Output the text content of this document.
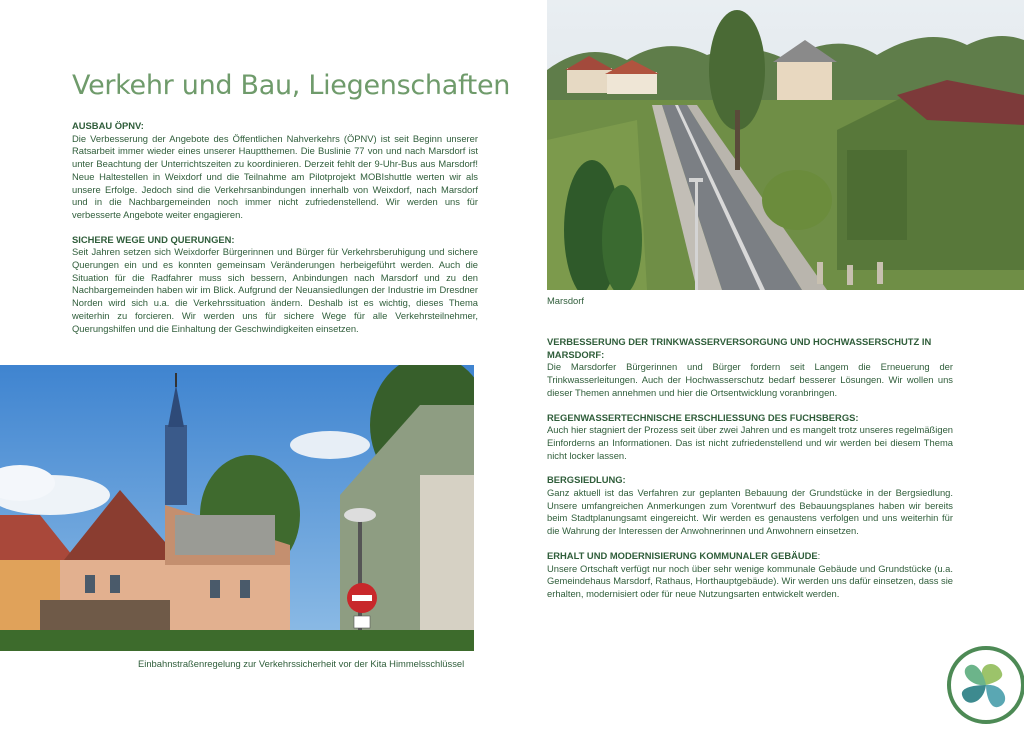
Verkehr und Bau, Liegenschaften
AUSBAU ÖPNV:

Die Verbesserung der Angebote des Öffentlichen Nahverkehrs (ÖPNV) ist seit Beginn unserer Ratsarbeit immer wieder eines unserer Hauptthemen. Die Buslinie 77 von und nach Marsdorf ist unter Beachtung der Unterrichtszeiten zu koordinieren. Derzeit fehlt der 9-Uhr-Bus aus Marsdorf! Neue Haltestellen in Weixdorf und die Teilnahme am Pilotprojekt MOBIshuttle werten wir als unsere Erfolge. Jedoch sind die Verkehrsanbindungen innerhalb von Weixdorf, nach Marsdorf und in die Nachbargemeinden noch immer nicht zufriedenstellend. Wir werden uns für verbesserte Angebote weiter engagieren.

SICHERE WEGE UND QUERUNGEN:

Seit Jahren setzen sich Weixdorfer Bürgerinnen und Bürger für Verkehrsberuhigung und sichere Querungen ein und es konnten gemeinsam Veränderungen herbeigeführt werden. Auch die Situation für die Radfahrer muss sich bessern, Anbindungen nach Marsdorf und zu den Nachbargemeinden haben wir im Blick. Aufgrund der Neuansiedlungen der Industrie im Dresdner Norden wird sich u.a. die Verkehrssituation ändern. Deshalb ist es wichtig, dieses Thema weiterhin zu forcieren. Wir werden uns für sichere Wege für alle Verkehrsteilnehmer, Querungshilfen und die Einhaltung der Geschwindigkeiten einsetzen.

VERBESSERUNG DER TRINKWASSERVERSORGUNG UND HOCHWASSERSCHUTZ IN MARSDORF:

Die Marsdorfer Bürgerinnen und Bürger fordern seit Langem die Erneuerung der Trinkwasserleitungen. Auch der Hochwasserschutz bedarf besserer Lösungen. Wir wollen uns dieser Themen annehmen und hier die Ortsentwicklung voranbringen.

REGENWASSERTECHNISCHE ERSCHLIESSUNG DES FUCHSBERGS:

Auch hier stagniert der Prozess seit über zwei Jahren und es mangelt trotz unseres regelmäßigen Einforderns an Informationen. Das ist nicht zufriedenstellend und wir werden bei diesem Thema nicht locker lassen.

BERGSIEDLUNG:

Ganz aktuell ist das Verfahren zur geplanten Bebauung der Grundstücke in der Bergsiedlung. Unsere umfangreichen Anmerkungen zum Vorentwurf des Bebauungsplanes haben wir bereits beim Stadtplanungsamt eingereicht. Wir werden es genaustens verfolgen und uns weiterhin für die Wahrung der Interessen der Anwohnerinnen und Anwohnern einsetzen.

ERHALT UND MODERNISIERUNG KOMMUNALER GEBÄUDE:

Unsere Ortschaft verfügt nur noch über sehr wenige kommunale Gebäude und Grundstücke (u.a. Gemeindehaus Marsdorf, Rathaus, Horthauptgebäude). Wir werden uns dafür einsetzen, dass sie erhalten, modernisiert oder für neue Nutzungsarten entwickelt werden.

Marsdorf

Einbahnstraßenregelung zur Verkehrssicherheit vor der Kita Himmelsschlüssel
